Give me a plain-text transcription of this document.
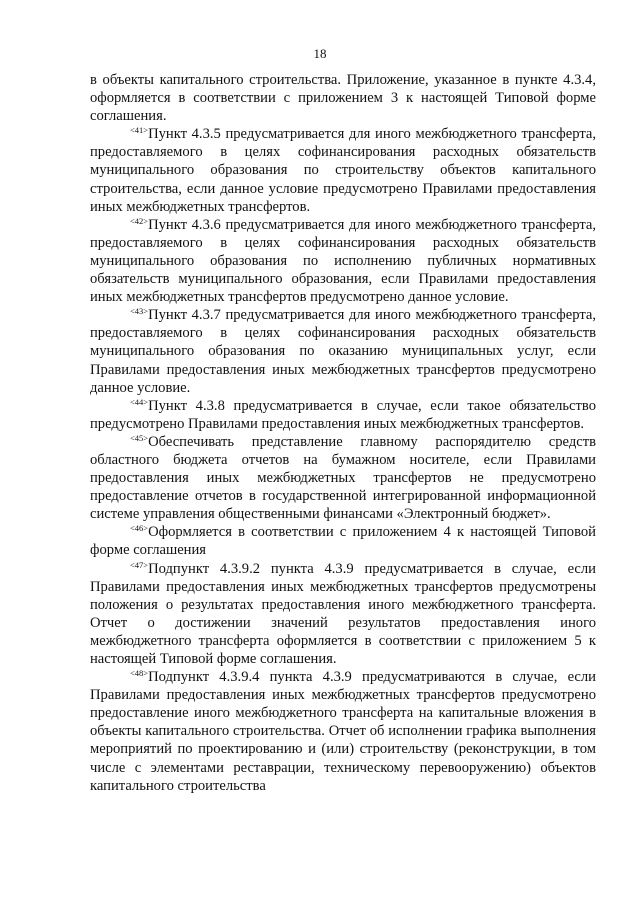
18

в объекты капитального строительства. Приложение, указанное в пункте 4.3.4, оформляется в соответствии с приложением 3 к настоящей Типовой форме соглашения.

$^{<41>}$Пункт 4.3.5 предусматривается для иного межбюджетного трансферта, предоставляемого в целях софинансирования расходных обязательств муниципального образования по строительству объектов капитального строительства, если данное условие предусмотрено Правилами предоставления иных межбюджетных трансфертов.

$^{<42>}$Пункт 4.3.6 предусматривается для иного межбюджетного трансферта, предоставляемого в целях софинансирования расходных обязательств муниципального образования по исполнению публичных нормативных обязательств муниципального образования, если Правилами предоставления иных межбюджетных трансфертов предусмотрено данное условие.

$^{<43>}$Пункт 4.3.7 предусматривается для иного межбюджетного трансферта, предоставляемого в целях софинансирования расходных обязательств муниципального образования по оказанию муниципальных услуг, если Правилами предоставления иных межбюджетных трансфертов предусмотрено данное условие.

$^{<44>}$Пункт 4.3.8 предусматривается в случае, если такое обязательство предусмотрено Правилами предоставления иных межбюджетных трансфертов.

$^{<45>}$Обеспечивать представление главному распорядителю средств областного бюджета отчетов на бумажном носителе, если Правилами предоставления иных межбюджетных трансфертов не предусмотрено предоставление отчетов в государственной интегрированной информационной системе управления общественными финансами «Электронный бюджет».

$^{<46>}$Оформляется в соответствии с приложением 4 к настоящей Типовой форме соглашения

$^{<47>}$Подпункт 4.3.9.2 пункта 4.3.9 предусматривается в случае, если Правилами предоставления иных межбюджетных трансфертов предусмотрены положения о результатах предоставления иного межбюджетного трансферта. Отчет о достижении значений результатов предоставления иного межбюджетного трансферта оформляется в соответствии с приложением 5 к настоящей Типовой форме соглашения.

$^{<48>}$Подпункт 4.3.9.4 пункта 4.3.9 предусматриваются в случае, если Правилами предоставления иных межбюджетных трансфертов предусмотрено предоставление иного межбюджетного трансферта на капитальные вложения в объекты капитального строительства. Отчет об исполнении графика выполнения мероприятий по проектированию и (или) строительству (реконструкции, в том числе с элементами реставрации, техническому перевооружению) объектов капитального строительства
